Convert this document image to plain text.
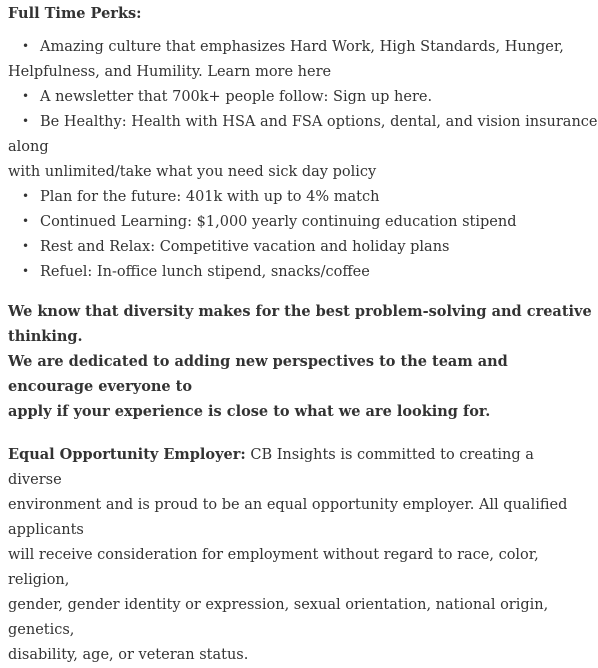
Full Time Perks:

• Amazing culture that emphasizes Hard Work, High Standards, Hunger,
Helpfulness, and Humility. Learn more here
• A newsletter that 700k+ people follow: Sign up here.
• Be Healthy: Health with HSA and FSA options, dental, and vision insurance along
with unlimited/take what you need sick day policy
• Plan for the future: 401k with up to 4% match
• Continued Learning: $1,000 yearly continuing education stipend
• Rest and Relax: Competitive vacation and holiday plans
• Refuel: In-office lunch stipend, snacks/coffee

We know that diversity makes for the best problem-solving and creative thinking.
We are dedicated to adding new perspectives to the team and encourage everyone to
apply if your experience is close to what we are looking for.

Equal Opportunity Employer: CB Insights is committed to creating a diverse
environment and is proud to be an equal opportunity employer. All qualified applicants
will receive consideration for employment without regard to race, color, religion,
gender, gender identity or expression, sexual orientation, national origin, genetics,
disability, age, or veteran status.
